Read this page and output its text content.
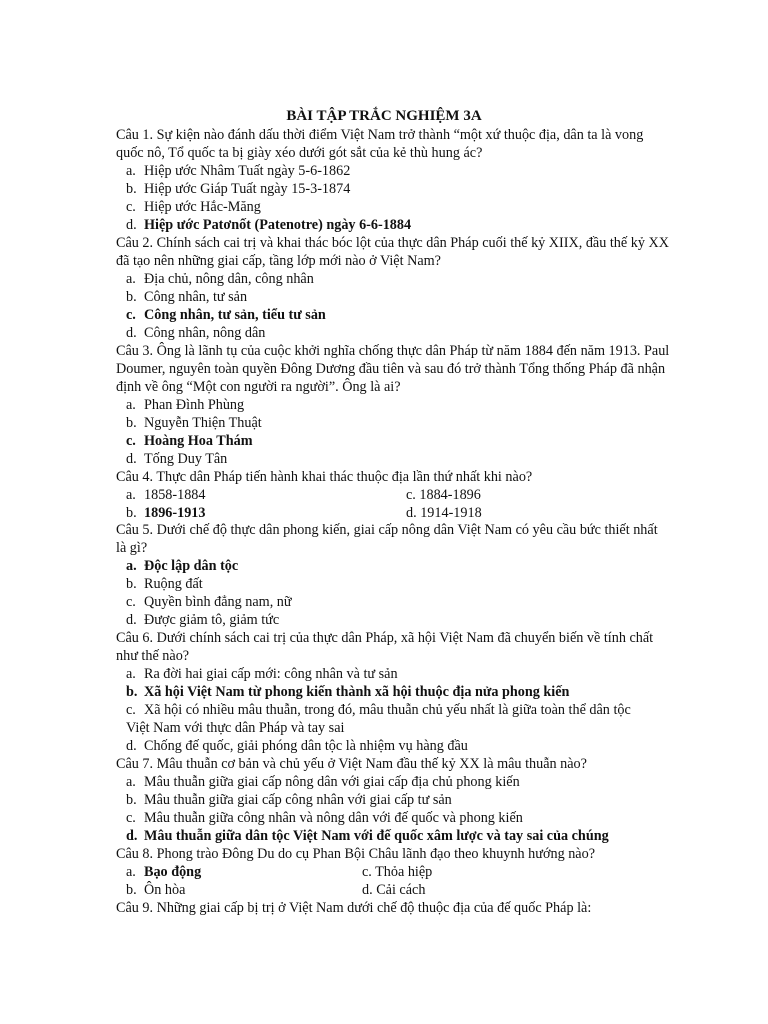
BÀI TẬP TRẮC NGHIỆM 3A
Câu 1. Sự kiện nào đánh dấu thời điểm Việt Nam trở thành “một xứ thuộc địa, dân ta là vong
quốc nô, Tổ quốc ta bị giày xéo dưới gót sắt của kẻ thù hung ác?
a. Hiệp ước Nhâm Tuất ngày 5-6-1862
b. Hiệp ước Giáp Tuất ngày 15-3-1874
c. Hiệp ước Hắc-Măng
d. Hiệp ước Patơnốt (Patenotre) ngày 6-6-1884
Câu 2. Chính sách cai trị và khai thác bóc lột của thực dân Pháp cuối thế kỷ XIIX, đầu thế kỷ XX
đã tạo nên những giai cấp, tầng lớp mới nào ở Việt Nam?
a. Địa chủ, nông dân, công nhân
b. Công nhân, tư sản
c. Công nhân, tư sản, tiểu tư sản
d. Công nhân, nông dân
Câu 3. Ông là lãnh tụ của cuộc khởi nghĩa chống thực dân Pháp từ năm 1884 đến năm 1913. Paul
Doumer, nguyên toàn quyền Đông Dương đầu tiên và sau đó trở thành Tổng thống Pháp đã nhận
định về ông “Một con người ra người”. Ông là ai?
a. Phan Đình Phùng
b. Nguyễn Thiện Thuật
c. Hoàng Hoa Thám
d. Tống Duy Tân
Câu 4. Thực dân Pháp tiến hành khai thác thuộc địa lần thứ nhất khi nào?
a. 1858-1884	c. 1884-1896
b. 1896-1913	d. 1914-1918
Câu 5. Dưới chế độ thực dân phong kiến, giai cấp nông dân Việt Nam có yêu cầu bức thiết nhất
là gì?
a. Độc lập dân tộc
b. Ruộng đất
c. Quyền bình đẳng nam, nữ
d. Được giảm tô, giảm tức
Câu 6. Dưới chính sách cai trị của thực dân Pháp, xã hội Việt Nam đã chuyển biến về tính chất
như thế nào?
a. Ra đời hai giai cấp mới: công nhân và tư sản
b. Xã hội Việt Nam từ phong kiến thành xã hội thuộc địa nửa phong kiến
c. Xã hội có nhiều mâu thuẫn, trong đó, mâu thuẫn chủ yếu nhất là giữa toàn thể dân tộc
Việt Nam với thực dân Pháp và tay sai
d. Chống đế quốc, giải phóng dân tộc là nhiệm vụ hàng đầu
Câu 7. Mâu thuẫn cơ bản và chủ yếu ở Việt Nam đầu thế kỷ XX là mâu thuẫn nào?
a. Mâu thuẫn giữa giai cấp nông dân với giai cấp địa chủ phong kiến
b. Mâu thuẫn giữa giai cấp công nhân với giai cấp tư sản
c. Mâu thuẫn giữa công nhân và nông dân với đế quốc và phong kiến
d. Mâu thuẫn giữa dân tộc Việt Nam với đế quốc xâm lược và tay sai của chúng
Câu 8. Phong trào Đông Du do cụ Phan Bội Châu lãnh đạo theo khuynh hướng nào?
a. Bạo động	c. Thỏa hiệp
b. Ôn hòa	d. Cải cách
Câu 9. Những giai cấp bị trị ở Việt Nam dưới chế độ thuộc địa của đế quốc Pháp là:
